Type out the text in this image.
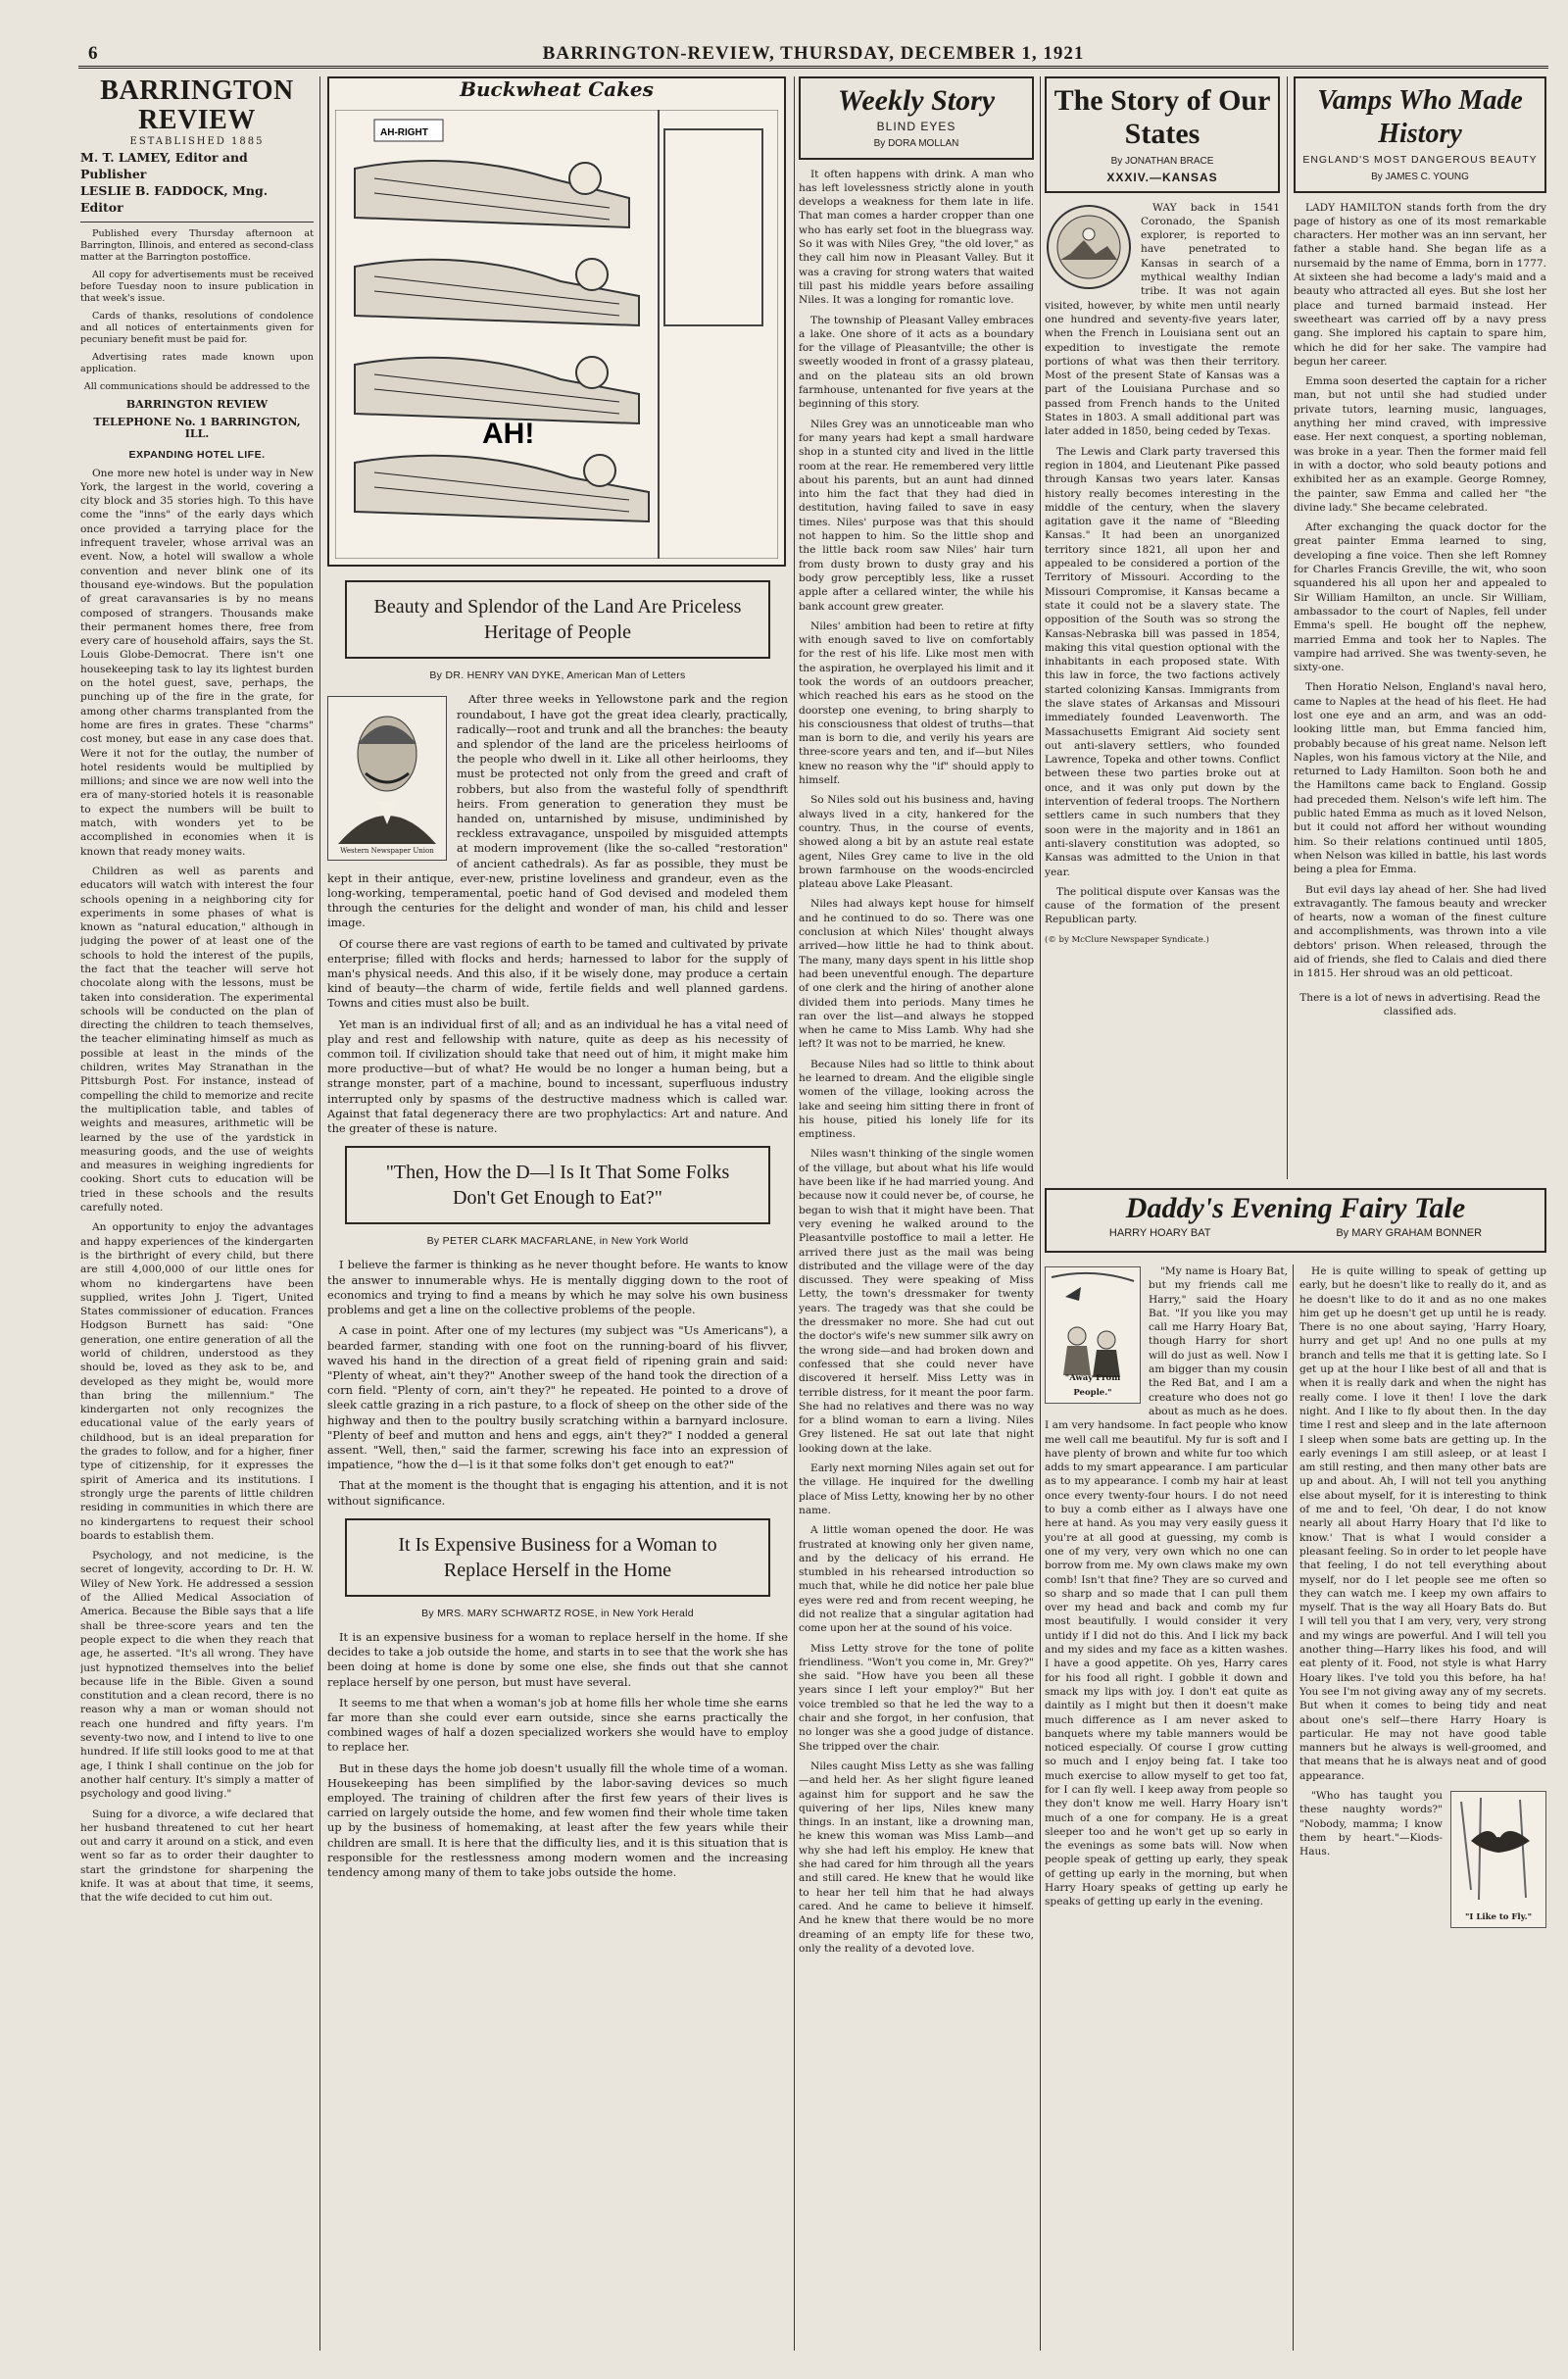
6	BARRINGTON-REVIEW, THURSDAY, DECEMBER 1, 1921
BARRINGTON REVIEW
ESTABLISHED 1885
M. T. LAMEY, Editor and Publisher
LESLIE B. FADDOCK, Mng. Editor

Published every Thursday afternoon at Barrington, Illinois, and entered as second-class matter at the Barrington postoffice.

All copy for advertisements must be received before Tuesday noon to insure publication in that week's issue.

Cards of thanks, resolutions of condolence and all notices of entertainments given for pecuniary benefit must be paid for.

Advertising rates made known upon application.

All communications should be addressed to the

BARRINGTON REVIEW

TELEPHONE No. 1 BARRINGTON, ILL.

EXPANDING HOTEL LIFE.

One more new hotel is under way in New York, the largest in the world, covering a city block and 35 stories high. To this have come the "inns" of the early days which once provided a tarrying place for the infrequent traveler, whose arrival was an event. Now, a hotel will swallow a whole convention and never blink one of its thousand eye-windows. But the population of great caravansaries is by no means composed of strangers. Thousands make their permanent homes there, free from every care of household affairs, says the St. Louis Globe-Democrat. There isn't one housekeeping task to lay its lightest burden on the hotel guest, save, perhaps, the punching up of the fire in the grate, for among other charms transplanted from the home are fires in grates. These "charms" cost money, but ease in any case does that. Were it not for the outlay, the number of hotel residents would be multiplied by millions; and since we are now well into the era of many-storied hotels it is reasonable to expect the numbers will be built to match, with wonders yet to be accomplished in economies when it is known that ready money waits.

Children as well as parents and educators will watch with interest the four schools opening in a neighboring city for experiments in some phases of what is known as "natural education," although in judging the power of at least one of the schools to hold the interest of the pupils, the fact that the teacher will serve hot chocolate along with the lessons, must be taken into consideration. The experimental schools will be conducted on the plan of directing the children to teach themselves, the teacher eliminating himself as much as possible at least in the minds of the children, writes May Stranathan in the Pittsburgh Post. For instance, instead of compelling the child to memorize and recite the multiplication table, and tables of weights and measures, arithmetic will be learned by the use of the yardstick in measuring goods, and the use of weights and measures in weighing ingredients for cooking. Short cuts to education will be tried in these schools and the results carefully noted.

An opportunity to enjoy the advantages and happy experiences of the kindergarten is the birthright of every child, but there are still 4,000,000 of our little ones for whom no kindergartens have been supplied, writes John J. Tigert, United States commissioner of education. Frances Hodgson Burnett has said: "One generation, one entire generation of all the world of children, understood as they should be, loved as they ask to be, and developed as they might be, would more than bring the millennium." The kindergarten not only recognizes the educational value of the early years of childhood, but is an ideal preparation for the grades to follow, and for a higher, finer type of citizenship, for it expresses the spirit of America and its institutions. I strongly urge the parents of little children residing in communities in which there are no kindergartens to request their school boards to establish them.

Psychology, and not medicine, is the secret of longevity, according to Dr. H. W. Wiley of New York. He addressed a session of the Allied Medical Association of America. Because the Bible says that a life shall be three-score years and ten the people expect to die when they reach that age, he asserted. "It's all wrong. They have just hypnotized themselves into the belief because life in the Bible. Given a sound constitution and a clean record, there is no reason why a man or woman should not reach one hundred and fifty years. I'm seventy-two now, and I intend to live to one hundred. If life still looks good to me at that age, I think I shall continue on the job for another half century. It's simply a matter of psychology and good living."

Suing for a divorce, a wife declared that her husband threatened to cut her heart out and carry it around on a stick, and even went so far as to order their daughter to start the grindstone for sharpening the knife. It was at about that time, it seems, that the wife decided to cut him out.

Buckwheat Cakes
AH-RIGHT
AH!
Beauty and Splendor of the Land Are Priceless Heritage of People
By DR. HENRY VAN DYKE, American Man of Letters
Western Newspaper Union

After three weeks in Yellowstone park and the region roundabout, I have got the great idea clearly, practically, radically—root and trunk and all the branches: the beauty and splendor of the land are the priceless heirlooms of the people who dwell in it. Like all other heirlooms, they must be protected not only from the greed and craft of robbers, but also from the wasteful folly of spendthrift heirs. From generation to generation they must be handed on, untarnished by misuse, undiminished by reckless extravagance, unspoiled by misguided attempts at modern improvement (like the so-called "restoration" of ancient cathedrals). As far as possible, they must be kept in their antique, ever-new, pristine loveliness and grandeur, even as the long-working, temperamental, poetic hand of God devised and modeled them through the centuries for the delight and wonder of man, his child and lesser image.

Of course there are vast regions of earth to be tamed and cultivated by private enterprise; filled with flocks and herds; harnessed to labor for the supply of man's physical needs. And this also, if it be wisely done, may produce a certain kind of beauty—the charm of wide, fertile fields and well planned gardens. Towns and cities must also be built.

Yet man is an individual first of all; and as an individual he has a vital need of play and rest and fellowship with nature, quite as deep as his necessity of common toil. If civilization should take that need out of him, it might make him more productive—but of what? He would be no longer a human being, but a strange monster, part of a machine, bound to incessant, superfluous industry interrupted only by spasms of the destructive madness which is called war. Against that fatal degeneracy there are two prophylactics: Art and nature. And the greater of these is nature.

"Then, How the D—l Is It That Some Folks Don't Get Enough to Eat?"
By PETER CLARK MACFARLANE, in New York World

I believe the farmer is thinking as he never thought before. He wants to know the answer to innumerable whys. He is mentally digging down to the root of economics and trying to find a means by which he may solve his own business problems and get a line on the collective problems of the people.

A case in point. After one of my lectures (my subject was "Us Americans"), a bearded farmer, standing with one foot on the running-board of his flivver, waved his hand in the direction of a great field of ripening grain and said: "Plenty of wheat, ain't they?" Another sweep of the hand took the direction of a corn field. "Plenty of corn, ain't they?" he repeated. He pointed to a drove of sleek cattle grazing in a rich pasture, to a flock of sheep on the other side of the highway and then to the poultry busily scratching within a barnyard inclosure. "Plenty of beef and mutton and hens and eggs, ain't they?" I nodded a general assent. "Well, then," said the farmer, screwing his face into an expression of impatience, "how the d—l is it that some folks don't get enough to eat?"

That at the moment is the thought that is engaging his attention, and it is not without significance.

It Is Expensive Business for a Woman to Replace Herself in the Home
By MRS. MARY SCHWARTZ ROSE, in New York Herald

It is an expensive business for a woman to replace herself in the home. If she decides to take a job outside the home, and starts in to see that the work she has been doing at home is done by some one else, she finds out that she cannot replace herself by one person, but must have several.

It seems to me that when a woman's job at home fills her whole time she earns far more than she could ever earn outside, since she earns practically the combined wages of half a dozen specialized workers she would have to employ to replace her.

But in these days the home job doesn't usually fill the whole time of a woman. Housekeeping has been simplified by the labor-saving devices so much employed. The training of children after the first few years of their lives is carried on largely outside the home, and few women find their whole time taken up by the business of homemaking, at least after the few years while their children are small. It is here that the difficulty lies, and it is this situation that is responsible for the restlessness among modern women and the increasing tendency among many of them to take jobs outside the home.

Weekly Story
BLIND EYES
By DORA MOLLAN

It often happens with drink. A man who has left lovelessness strictly alone in youth develops a weakness for them late in life. That man comes a harder cropper than one who has early set foot in the bluegrass way. So it was with Niles Grey, "the old lover," as they call him now in Pleasant Valley. But it was a craving for strong waters that waited till past his middle years before assailing Niles. It was a longing for romantic love.

The township of Pleasant Valley embraces a lake. One shore of it acts as a boundary for the village of Pleasantville; the other is sweetly wooded in front of a grassy plateau, and on the plateau sits an old brown farmhouse, untenanted for five years at the beginning of this story.

Niles Grey was an unnoticeable man who for many years had kept a small hardware shop in a stunted city and lived in the little room at the rear. He remembered very little about his parents, but an aunt had dinned into him the fact that they had died in destitution, having failed to save in easy times. Niles' purpose was that this should not happen to him. So the little shop and the little back room saw Niles' hair turn from dusty brown to dusty gray and his body grow perceptibly less, like a russet apple after a cellared winter, the while his bank account grew greater.

Niles' ambition had been to retire at fifty with enough saved to live on comfortably for the rest of his life. Like most men with the aspiration, he overplayed his limit and it took the words of an outdoors preacher, which reached his ears as he stood on the doorstep one evening, to bring sharply to his consciousness that oldest of truths—that man is born to die, and verily his years are three-score years and ten, and if—but Niles knew no reason why the "if" should apply to himself.

So Niles sold out his business and, having always lived in a city, hankered for the country. Thus, in the course of events, showed along a bit by an astute real estate agent, Niles Grey came to live in the old brown farmhouse on the woods-encircled plateau above Lake Pleasant.

Niles had always kept house for himself and he continued to do so. There was one conclusion at which Niles' thought always arrived—how little he had to think about. The many, many days spent in his little shop had been uneventful enough. The departure of one clerk and the hiring of another alone divided them into periods. Many times he ran over the list—and always he stopped when he came to Miss Lamb. Why had she left? It was not to be married, he knew.

Because Niles had so little to think about he learned to dream. And the eligible single women of the village, looking across the lake and seeing him sitting there in front of his house, pitied his lonely life for its emptiness.

Niles wasn't thinking of the single women of the village, but about what his life would have been like if he had married young. And because now it could never be, of course, he began to wish that it might have been. That very evening he walked around to the Pleasantville postoffice to mail a letter. He arrived there just as the mail was being distributed and the village were of the day discussed. They were speaking of Miss Letty, the town's dressmaker for twenty years. The tragedy was that she could be the dressmaker no more. She had cut out the doctor's wife's new summer silk awry on the wrong side—and had broken down and confessed that she could never have discovered it herself. Miss Letty was in terrible distress, for it meant the poor farm. She had no relatives and there was no way for a blind woman to earn a living. Niles Grey listened. He sat out late that night looking down at the lake.

Early next morning Niles again set out for the village. He inquired for the dwelling place of Miss Letty, knowing her by no other name.

A little woman opened the door. He was frustrated at knowing only her given name, and by the delicacy of his errand. He stumbled in his rehearsed introduction so much that, while he did notice her pale blue eyes were red and from recent weeping, he did not realize that a singular agitation had come upon her at the sound of his voice.

Miss Letty strove for the tone of polite friendliness. "Won't you come in, Mr. Grey?" she said. "How have you been all these years since I left your employ?" But her voice trembled so that he led the way to a chair and she forgot, in her confusion, that no longer was she a good judge of distance. She tripped over the chair.

Niles caught Miss Letty as she was falling—and held her. As her slight figure leaned against him for support and he saw the quivering of her lips, Niles knew many things. In an instant, like a drowning man, he knew this woman was Miss Lamb—and why she had left his employ. He knew that she had cared for him through all the years and still cared. He knew that he would like to hear her tell him that he had always cared. And he came to believe it himself. And he knew that there would be no more dreaming of an empty life for these two, only the reality of a devoted love.

The Story of Our States
By JONATHAN BRACE
XXXIV.—KANSAS

WAY back in 1541 Coronado, the Spanish explorer, is reported to have penetrated to Kansas in search of a mythical wealthy Indian tribe. It was not again visited, however, by white men until nearly one hundred and seventy-five years later, when the French in Louisiana sent out an expedition to investigate the remote portions of what was then their territory. Most of the present State of Kansas was a part of the Louisiana Purchase and so passed from French hands to the United States in 1803. A small additional part was later added in 1850, being ceded by Texas.

The Lewis and Clark party traversed this region in 1804, and Lieutenant Pike passed through Kansas two years later. Kansas history really becomes interesting in the middle of the century, when the slavery agitation gave it the name of "Bleeding Kansas." It had been an unorganized territory since 1821, all upon her and appealed to be considered a portion of the Territory of Missouri. According to the Missouri Compromise, it Kansas became a state it could not be a slavery state. The opposition of the South was so strong the Kansas-Nebraska bill was passed in 1854, making this vital question optional with the inhabitants in each proposed state. With this law in force, the two factions actively started colonizing Kansas. Immigrants from the slave states of Arkansas and Missouri immediately founded Leavenworth. The Massachusetts Emigrant Aid society sent out anti-slavery settlers, who founded Lawrence, Topeka and other towns. Conflict between these two parties broke out at once, and it was only put down by the intervention of federal troops. The Northern settlers came in such numbers that they soon were in the majority and in 1861 an anti-slavery constitution was adopted, so Kansas was admitted to the Union in that year.

The political dispute over Kansas was the cause of the formation of the present Republican party.

(© by McClure Newspaper Syndicate.)
Vamps Who Made History
ENGLAND'S MOST DANGEROUS BEAUTY
By JAMES C. YOUNG

LADY HAMILTON stands forth from the dry page of history as one of its most remarkable characters. Her mother was an inn servant, her father a stable hand. She began life as a nursemaid by the name of Emma, born in 1777. At sixteen she had become a lady's maid and a beauty who attracted all eyes. But she lost her place and turned barmaid instead. Her sweetheart was carried off by a navy press gang. She implored his captain to spare him, which he did for her sake. The vampire had begun her career.

Emma soon deserted the captain for a richer man, but not until she had studied under private tutors, learning music, languages, anything her mind craved, with impressive ease. Her next conquest, a sporting nobleman, was broke in a year. Then the former maid fell in with a doctor, who sold beauty potions and exhibited her as an example. George Romney, the painter, saw Emma and called her "the divine lady." She became celebrated.

After exchanging the quack doctor for the great painter Emma learned to sing, developing a fine voice. Then she left Romney for Charles Francis Greville, the wit, who soon squandered his all upon her and appealed to Sir William Hamilton, an uncle. Sir William, ambassador to the court of Naples, fell under Emma's spell. He bought off the nephew, married Emma and took her to Naples. The vampire had arrived. She was twenty-seven, he sixty-one.

Then Horatio Nelson, England's naval hero, came to Naples at the head of his fleet. He had lost one eye and an arm, and was an odd-looking little man, but Emma fancied him, probably because of his great name. Nelson left Naples, won his famous victory at the Nile, and returned to Lady Hamilton. Soon both he and the Hamiltons came back to England. Gossip had preceded them. Nelson's wife left him. The public hated Emma as much as it loved Nelson, but it could not afford her without wounding him. So their relations continued until 1805, when Nelson was killed in battle, his last words being a plea for Emma.

But evil days lay ahead of her. She had lived extravagantly. The famous beauty and wrecker of hearts, now a woman of the finest culture and accomplishments, was thrown into a vile debtors' prison. When released, through the aid of friends, she fled to Calais and died there in 1815. Her shroud was an old petticoat.

There is a lot of news in advertising. Read the classified ads.
Daddy's Evening Fairy Tale
HARRY HOARY BAT	By MARY GRAHAM BONNER
"Away From People."

"My name is Hoary Bat, but my friends call me Harry," said the Hoary Bat. "If you like you may call me Harry Hoary Bat, though Harry for short will do just as well. Now I am bigger than my cousin the Red Bat, and I am a creature who does not go about as much as he does. I am very handsome. In fact people who know me well call me beautiful. My fur is soft and I have plenty of brown and white fur too which adds to my smart appearance. I am particular as to my appearance. I comb my hair at least once every twenty-four hours. I do not need to buy a comb either as I always have one here at hand. As you may very easily guess it you're at all good at guessing, my comb is one of my very, very own which no one can borrow from me. My own claws make my own comb! Isn't that fine? They are so curved and so sharp and so made that I can pull them over my head and back and comb my fur most beautifully. I would consider it very untidy if I did not do this. And I lick my back and my sides and my face as a kitten washes. I have a good appetite. Oh yes, Harry cares for his food all right. I gobble it down and smack my lips with joy. I don't eat quite as daintily as I might but then it doesn't make much difference as I am never asked to banquets where my table manners would be noticed especially. Of course I grow cutting so much and I enjoy being fat. I take too much exercise to allow myself to get too fat, for I can fly well. I keep away from people so they don't know me well. Harry Hoary isn't much of a one for company. He is a great sleeper too and he won't get up so early in the evenings as some bats will. Now when people speak of getting up early, they speak of getting up early in the morning, but when Harry Hoary speaks of getting up early he speaks of getting up early in the evening.

He is quite willing to speak of getting up early, but he doesn't like to really do it, and as he doesn't like to do it and as no one makes him get up he doesn't get up until he is ready. There is no one about saying, 'Harry Hoary, hurry and get up! And no one pulls at my branch and tells me that it is getting late. So I get up at the hour I like best of all and that is when it is really dark and when the night has really come. I love it then! I love the dark night. And I like to fly about then. In the day time I rest and sleep and in the late afternoon I sleep when some bats are getting up. In the early evenings I am still asleep, or at least I am still resting, and then many other bats are up and about. Ah, I will not tell you anything else about myself, for it is interesting to think of me and to feel, 'Oh dear, I do not know nearly all about Harry Hoary that I'd like to know.' That is what I would consider a pleasant feeling. So in order to let people have that feeling, I do not tell everything about myself, nor do I let people see me often so they can watch me. I keep my own affairs to myself. That is the way all Hoary Bats do. But I will tell you that I am very, very, very strong and my wings are powerful. And I will tell you another thing—Harry likes his food, and will eat plenty of it. Food, not style is what Harry Hoary likes. I've told you this before, ha ha! You see I'm not giving away any of my secrets. But when it comes to being tidy and neat about one's self—there Harry Hoary is particular. He may not have good table manners but he always is well-groomed, and that means that he is always neat and of good appearance.

"I Like to Fly."

"Who has taught you these naughty words?" "Nobody, mamma; I know them by heart."—Kiods-Haus.
